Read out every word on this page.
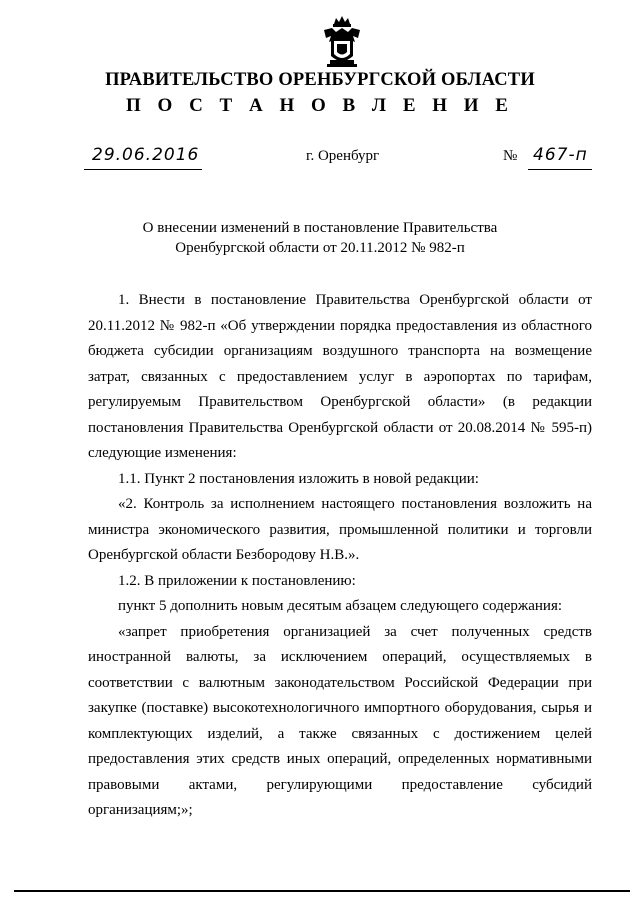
ПРАВИТЕЛЬСТВО ОРЕНБУРГСКОЙ ОБЛАСТИ
П О С Т А Н О В Л Е Н И Е
29.06.2016	г. Оренбург	№ 467-п
О внесении изменений в постановление Правительства
Оренбургской области от 20.11.2012 № 982-п

1. Внести в постановление Правительства Оренбургской области от 20.11.2012 № 982-п «Об утверждении порядка предоставления из областного бюджета субсидии организациям воздушного транспорта на возмещение затрат, связанных с предоставлением услуг в аэропортах по тарифам, регулируемым Правительством Оренбургской области» (в редакции постановления Правительства Оренбургской области от 20.08.2014 № 595-п) следующие изменения:

1.1. Пункт 2 постановления изложить в новой редакции:

«2. Контроль за исполнением настоящего постановления возложить на министра экономического развития, промышленной политики и торговли Оренбургской области Безбородову Н.В.».

1.2. В приложении к постановлению:

пункт 5 дополнить новым десятым абзацем следующего содержания:

«запрет приобретения организацией за счет полученных средств иностранной валюты, за исключением операций, осуществляемых в соответствии с валютным законодательством Российской Федерации при закупке (поставке) высокотехнологичного импортного оборудования, сырья и комплектующих изделий, а также связанных с достижением целей предоставления этих средств иных операций, определенных нормативными правовыми актами, регулирующими предоставление субсидий организациям;»;
